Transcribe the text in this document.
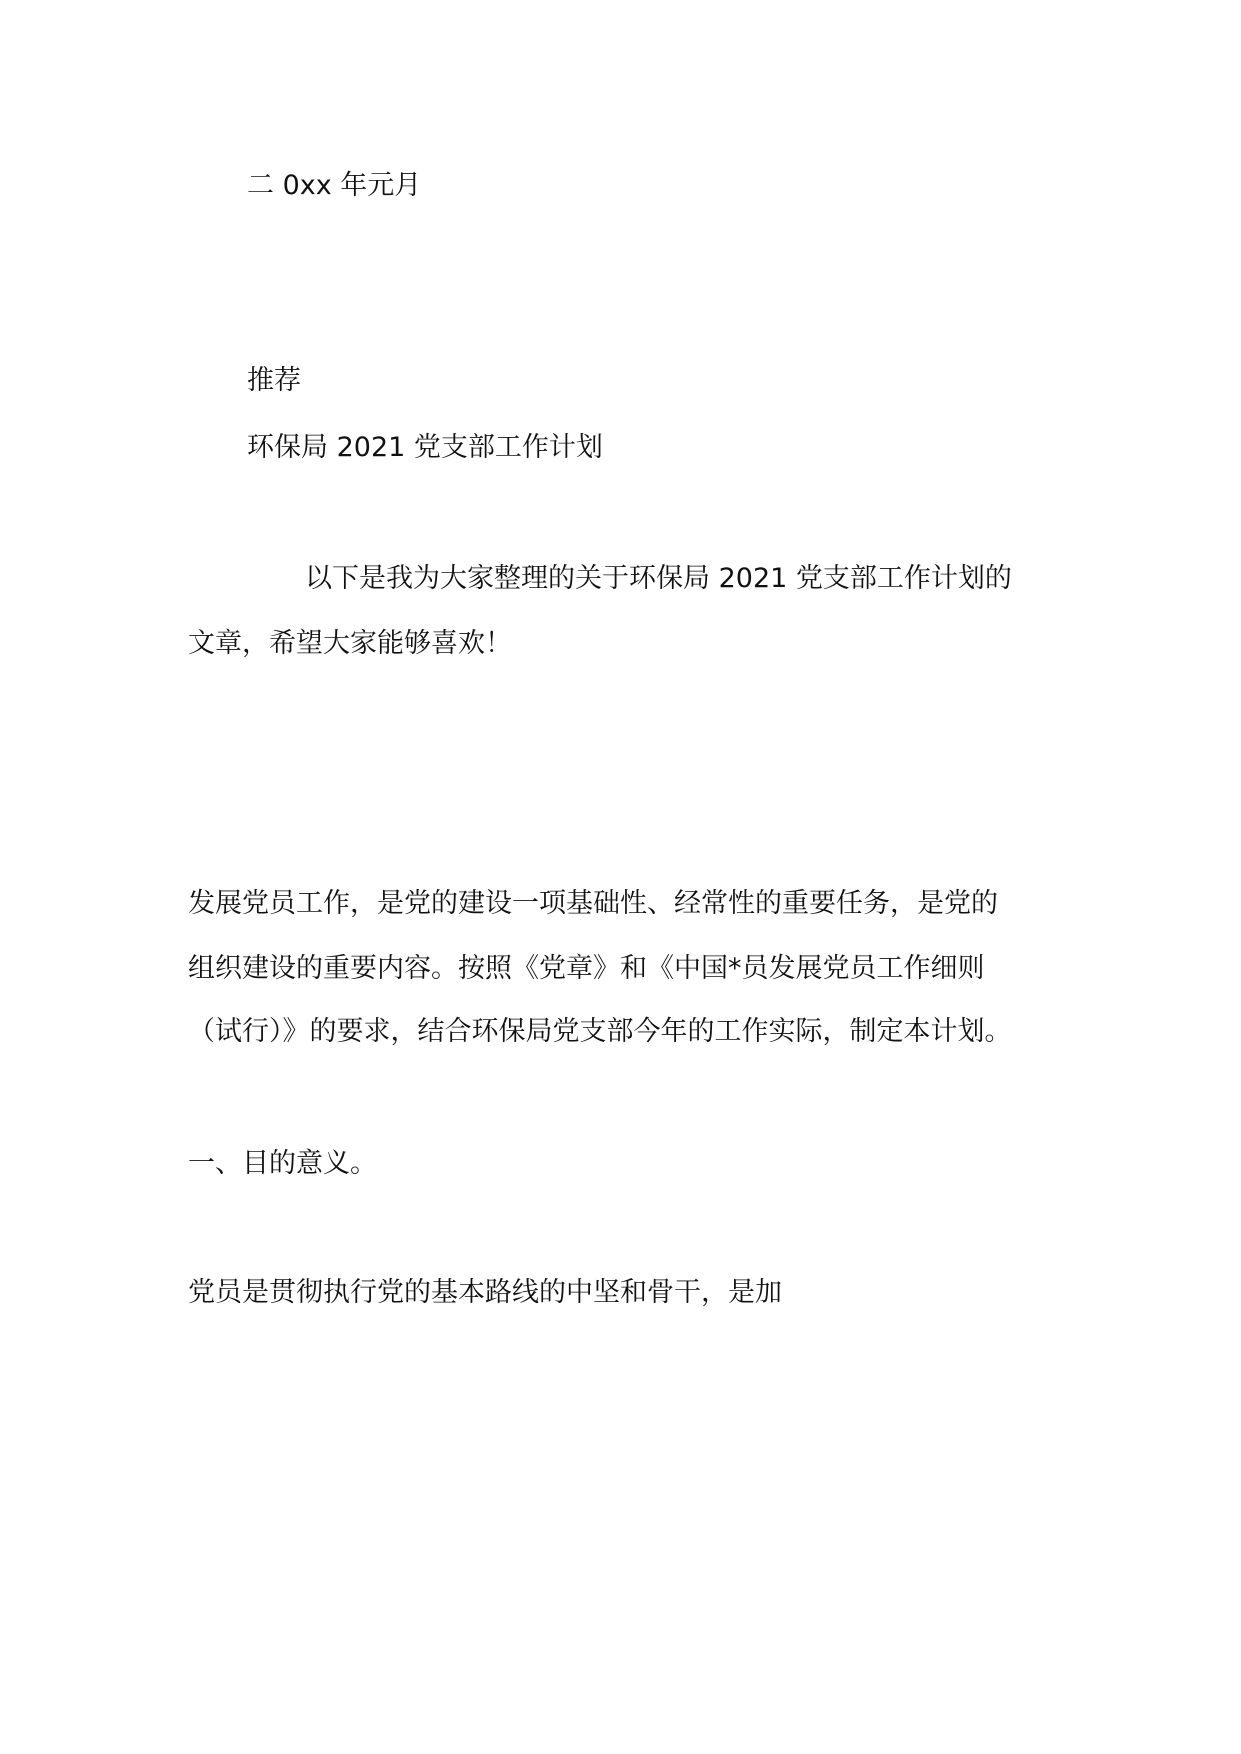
二 0xx 年元月
推荐
环保局 2021 党支部工作计划
以下是我为大家整理的关于环保局 2021 党支部工作计划的
文章，希望大家能够喜欢！
发展党员工作，是党的建设一项基础性、经常性的重要任务，是党的
组织建设的重要内容。按照《党章》和《中国*员发展党员工作细则
（试行）》的要求，结合环保局党支部今年的工作实际，制定本计划。
一、目的意义。
党员是贯彻执行党的基本路线的中坚和骨干，是加
